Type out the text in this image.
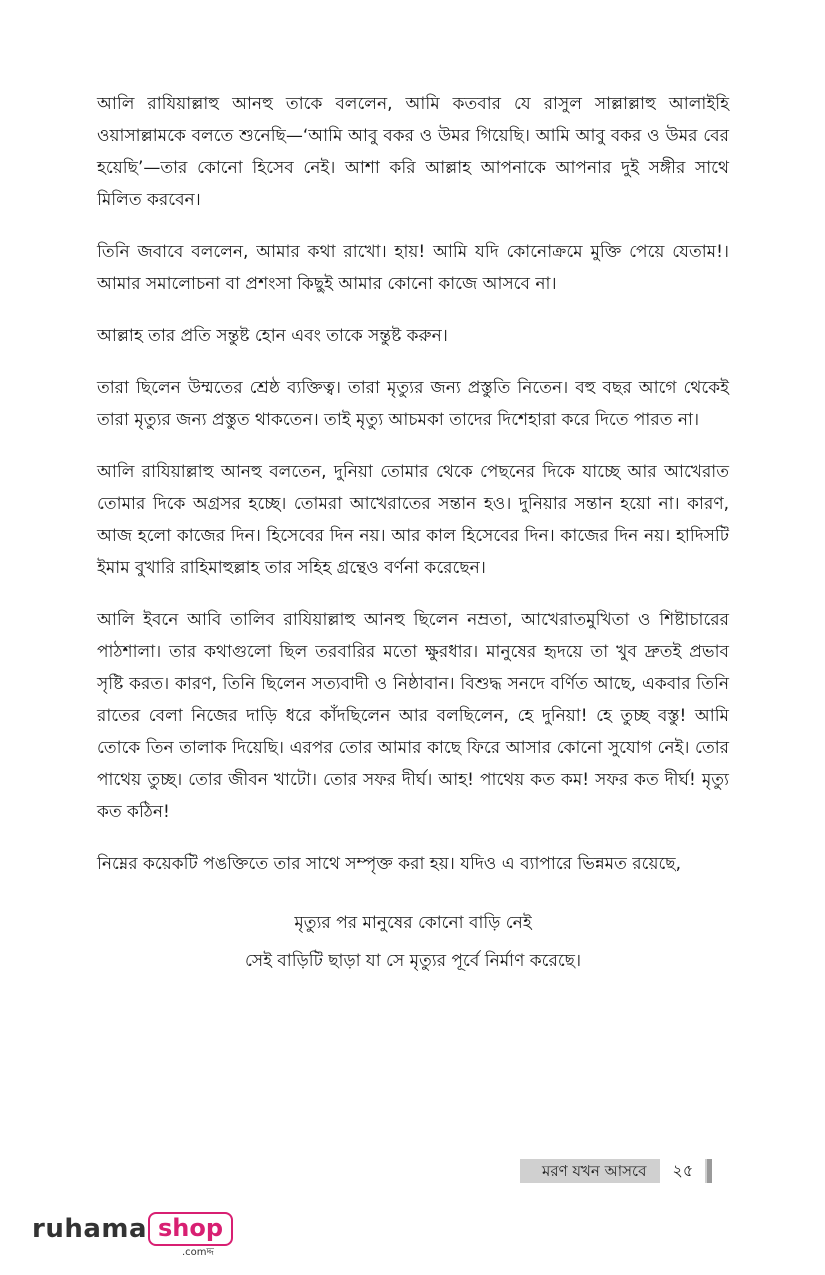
আলি রাযিয়াল্লাহু আনহু তাকে বললেন, আমি কতবার যে রাসুল সাল্লাল্লাহু আলাইহি ওয়াসাল্লামকে বলতে শুনেছি—‘আমি আবু বকর ও উমর গিয়েছি। আমি আবু বকর ও উমর বের হয়েছি’—তার কোনো হিসেব নেই। আশা করি আল্লাহ আপনাকে আপনার দুই সঙ্গীর সাথে মিলিত করবেন।

তিনি জবাবে বললেন, আমার কথা রাখো। হায়! আমি যদি কোনোক্রমে মুক্তি পেয়ে যেতাম!। আমার সমালোচনা বা প্রশংসা কিছুই আমার কোনো কাজে আসবে না।

আল্লাহ তার প্রতি সন্তুষ্ট হোন এবং তাকে সন্তুষ্ট করুন।

তারা ছিলেন উম্মতের শ্রেষ্ঠ ব্যক্তিত্ব। তারা মৃত্যুর জন্য প্রস্তুতি নিতেন। বহু বছর আগে থেকেই তারা মৃত্যুর জন্য প্রস্তুত থাকতেন। তাই মৃত্যু আচমকা তাদের দিশেহারা করে দিতে পারত না।

আলি রাযিয়াল্লাহু আনহু বলতেন, দুনিয়া তোমার থেকে পেছনের দিকে যাচ্ছে আর আখেরাত তোমার দিকে অগ্রসর হচ্ছে। তোমরা আখেরাতের সন্তান হও। দুনিয়ার সন্তান হয়ো না। কারণ, আজ হলো কাজের দিন। হিসেবের দিন নয়। আর কাল হিসেবের দিন। কাজের দিন নয়। হাদিসটি ইমাম বুখারি রাহিমাহুল্লাহ তার সহিহ গ্রন্থেও বর্ণনা করেছেন।

আলি ইবনে আবি তালিব রাযিয়াল্লাহু আনহু ছিলেন নম্রতা, আখেরাতমুখিতা ও শিষ্টাচারের পাঠশালা। তার কথাগুলো ছিল তরবারির মতো ক্ষুরধার। মানুষের হৃদয়ে তা খুব দ্রুতই প্রভাব সৃষ্টি করত। কারণ, তিনি ছিলেন সত্যবাদী ও নিষ্ঠাবান। বিশুদ্ধ সনদে বর্ণিত আছে, একবার তিনি রাতের বেলা নিজের দাড়ি ধরে কাঁদছিলেন আর বলছিলেন, হে দুনিয়া! হে তুচ্ছ বস্তু! আমি তোকে তিন তালাক দিয়েছি। এরপর তোর আমার কাছে ফিরে আসার কোনো সুযোগ নেই। তোর পাথেয় তুচ্ছ। তোর জীবন খাটো। তোর সফর দীর্ঘ। আহ! পাথেয় কত কম! সফর কত দীর্ঘ! মৃত্যু কত কঠিন!

নিম্নের কয়েকটি পঙক্তিতে তার সাথে সম্পৃক্ত করা হয়। যদিও এ ব্যাপারে ভিন্নমত রয়েছে,

মৃত্যুর পর মানুষের কোনো বাড়ি নেই
সেই বাড়িটি ছাড়া যা সে মৃত্যুর পূর্বে নির্মাণ করেছে।
মরণ যখন আসবে	২৫
ruhama shop
.comদ্দ
